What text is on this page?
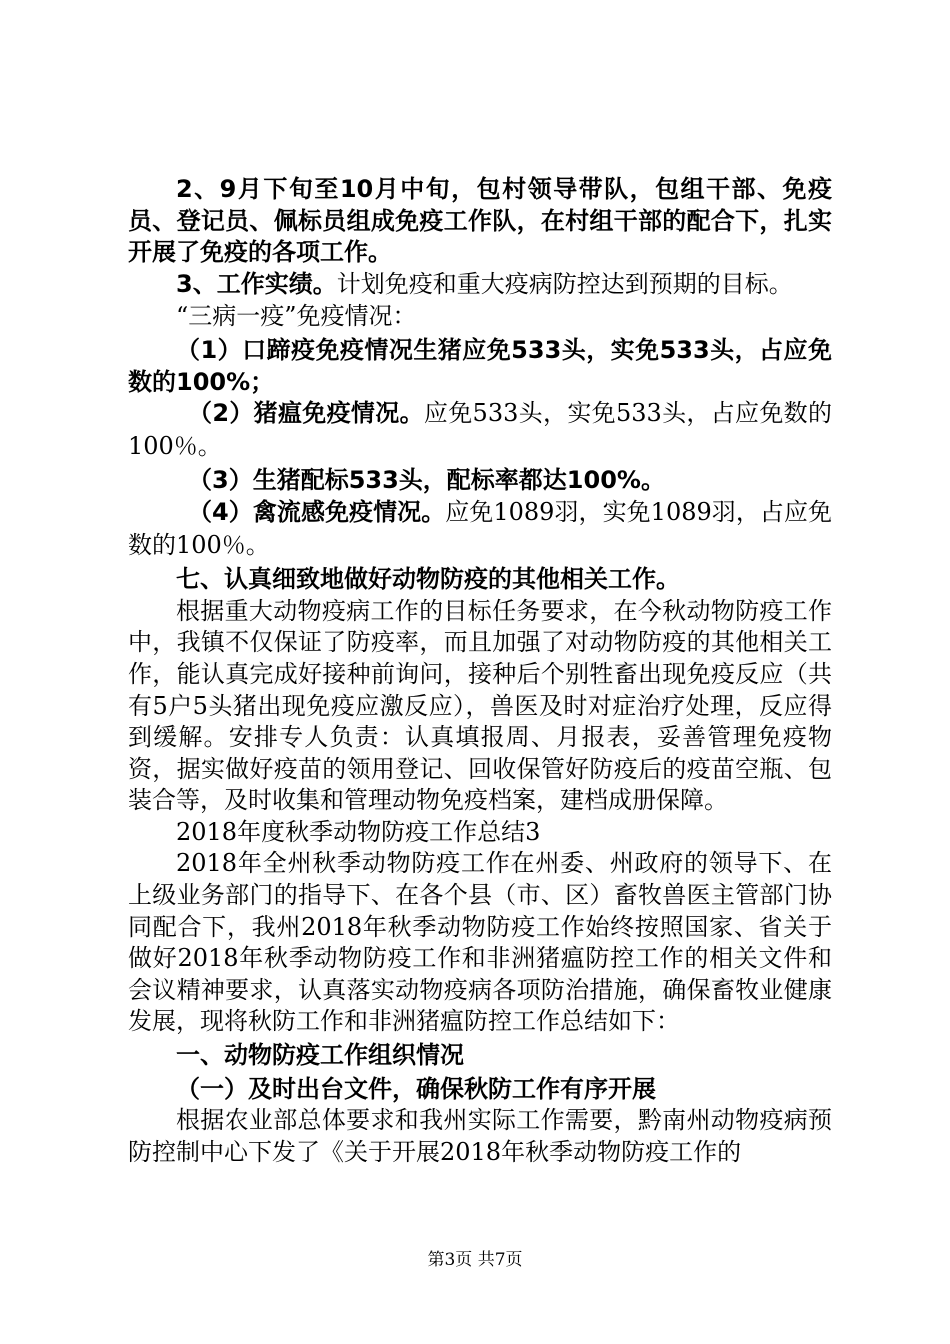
2、9月下旬至10月中旬，包村领导带队，包组干部、免疫员、登记员、佩标员组成免疫工作队，在村组干部的配合下，扎实开展了免疫的各项工作。

3、工作实绩。计划免疫和重大疫病防控达到预期的目标。

“三病一疫”免疫情况：

（1）口蹄疫免疫情况生猪应免533头，实免533头，占应免数的100%；

（2）猪瘟免疫情况。应免533头，实免533头，占应免数的100％。

（3）生猪配标533头，配标率都达100%。

（4）禽流感免疫情况。应免1089羽，实免1089羽，占应免数的100％。

七、认真细致地做好动物防疫的其他相关工作。

根据重大动物疫病工作的目标任务要求，在今秋动物防疫工作中，我镇不仅保证了防疫率，而且加强了对动物防疫的其他相关工作，能认真完成好接种前询问，接种后个别牲畜出现免疫反应（共有5户5头猪出现免疫应激反应），兽医及时对症治疗处理，反应得到缓解。安排专人负责：认真填报周、月报表，妥善管理免疫物资，据实做好疫苗的领用登记、回收保管好防疫后的疫苗空瓶、包装合等，及时收集和管理动物免疫档案，建档成册保障。

2018年度秋季动物防疫工作总结3

2018年全州秋季动物防疫工作在州委、州政府的领导下、在上级业务部门的指导下、在各个县（市、区）畜牧兽医主管部门协同配合下，我州2018年秋季动物防疫工作始终按照国家、省关于做好2018年秋季动物防疫工作和非洲猪瘟防控工作的相关文件和会议精神要求，认真落实动物疫病各项防治措施，确保畜牧业健康发展，现将秋防工作和非洲猪瘟防控工作总结如下：

一、动物防疫工作组织情况

（一）及时出台文件，确保秋防工作有序开展

根据农业部总体要求和我州实际工作需要，黔南州动物疫病预防控制中心下发了《关于开展2018年秋季动物防疫工作的

第3页 共7页
